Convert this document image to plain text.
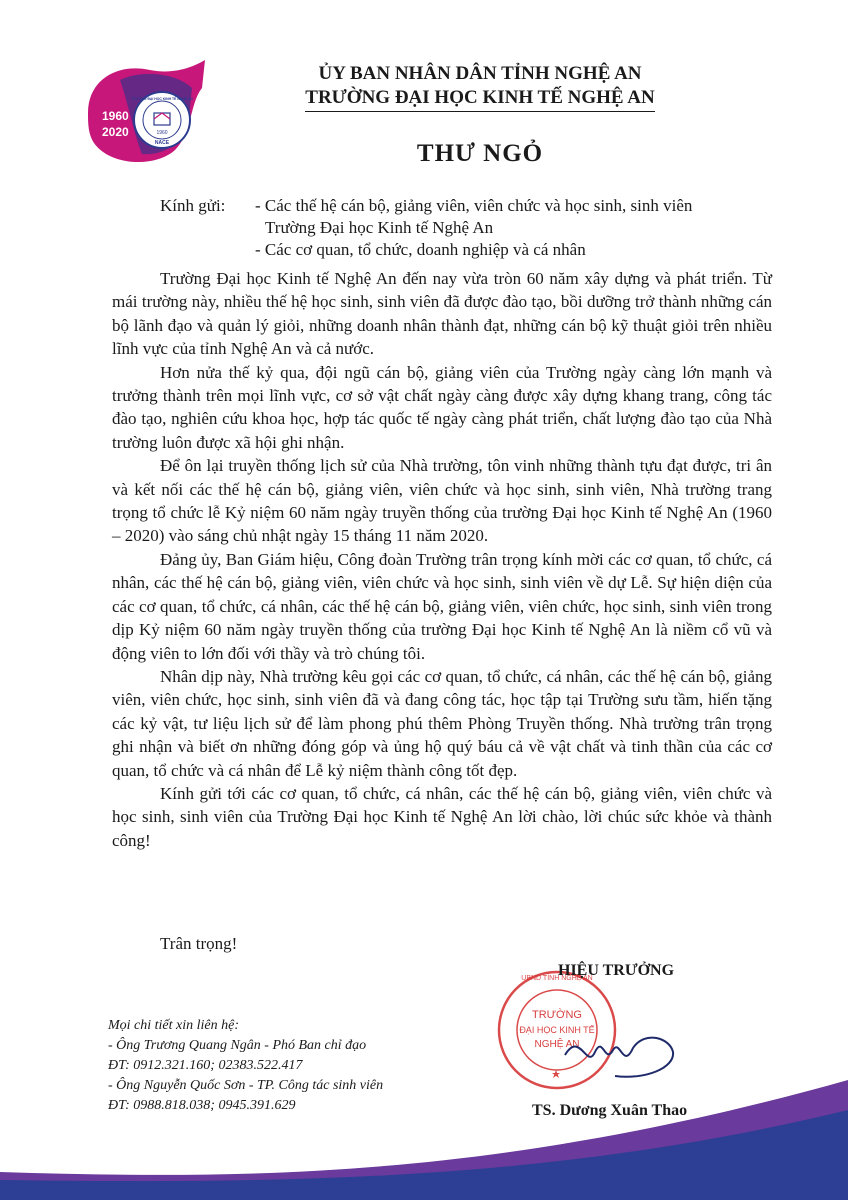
1960
2020
TRƯỜNG ĐẠI HỌC KINH TẾ NGHỆ AN
1960
NACE
ỦY BAN NHÂN DÂN TỈNH NGHỆ AN
TRƯỜNG ĐẠI HỌC KINH TẾ NGHỆ AN
THƯ NGỎ
Kính gửi: - Các thế hệ cán bộ, giảng viên, viên chức và học sinh, sinh viên
Trường Đại học Kinh tế Nghệ An
- Các cơ quan, tổ chức, doanh nghiệp và cá nhân

Trường Đại học Kinh tế Nghệ An đến nay vừa tròn 60 năm xây dựng và phát triển. Từ mái trường này, nhiều thế hệ học sinh, sinh viên đã được đào tạo, bồi dưỡng trở thành những cán bộ lãnh đạo và quản lý giỏi, những doanh nhân thành đạt, những cán bộ kỹ thuật giỏi trên nhiều lĩnh vực của tỉnh Nghệ An và cả nước.

Hơn nửa thế kỷ qua, đội ngũ cán bộ, giảng viên của Trường ngày càng lớn mạnh và trưởng thành trên mọi lĩnh vực, cơ sở vật chất ngày càng được xây dựng khang trang, công tác đào tạo, nghiên cứu khoa học, hợp tác quốc tế ngày càng phát triển, chất lượng đào tạo của Nhà trường luôn được xã hội ghi nhận.

Để ôn lại truyền thống lịch sử của Nhà trường, tôn vinh những thành tựu đạt được, tri ân và kết nối các thế hệ cán bộ, giảng viên, viên chức và học sinh, sinh viên, Nhà trường trang trọng tổ chức lễ Kỷ niệm 60 năm ngày truyền thống của trường Đại học Kinh tế Nghệ An (1960 – 2020) vào sáng chủ nhật ngày 15 tháng 11 năm 2020.

Đảng ủy, Ban Giám hiệu, Công đoàn Trường trân trọng kính mời các cơ quan, tổ chức, cá nhân, các thế hệ cán bộ, giảng viên, viên chức và học sinh, sinh viên về dự Lễ. Sự hiện diện của các cơ quan, tổ chức, cá nhân, các thế hệ cán bộ, giảng viên, viên chức, học sinh, sinh viên trong dịp Kỷ niệm 60 năm ngày truyền thống của trường Đại học Kinh tế Nghệ An là niềm cổ vũ và động viên to lớn đối với thầy và trò chúng tôi.

Nhân dịp này, Nhà trường kêu gọi các cơ quan, tổ chức, cá nhân, các thế hệ cán bộ, giảng viên, viên chức, học sinh, sinh viên đã và đang công tác, học tập tại Trường sưu tầm, hiến tặng các kỷ vật, tư liệu lịch sử để làm phong phú thêm Phòng Truyền thống. Nhà trường trân trọng ghi nhận và biết ơn những đóng góp và ủng hộ quý báu cả về vật chất và tinh thần của các cơ quan, tổ chức và cá nhân để Lễ kỷ niệm thành công tốt đẹp.

Kính gửi tới các cơ quan, tổ chức, cá nhân, các thế hệ cán bộ, giảng viên, viên chức và học sinh, sinh viên của Trường Đại học Kinh tế Nghệ An lời chào, lời chúc sức khỏe và thành công!

Trân trọng!
Mọi chi tiết xin liên hệ:
- Ông Trương Quang Ngân - Phó Ban chỉ đạo
ĐT: 0912.321.160; 02383.522.417
- Ông Nguyễn Quốc Sơn - TP. Công tác sinh viên
ĐT: 0988.818.038; 0945.391.629
UBND TỈNH NGHỆ AN
TRƯỜNG
ĐẠI HỌC KINH TẾ
NGHỆ AN
HIỆU TRƯỞNG
TS. Dương Xuân Thao
